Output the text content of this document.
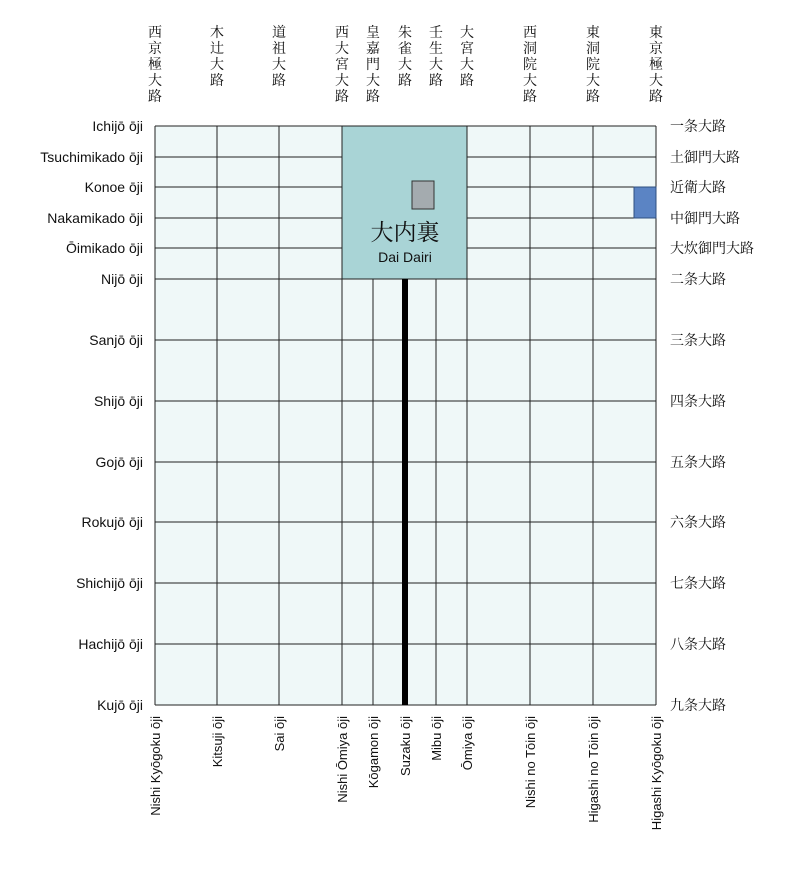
大内裏
Dai Dairi
Ichijō ōji
Tsuchimikado ōji
Konoe ōji
Nakamikado ōji
Ōimikado ōji
Nijō ōji
Sanjō ōji
Shijō ōji
Gojō ōji
Rokujō ōji
Shichijō ōji
Hachijō ōji
Kujō ōji
一条大路
土御門大路
近衛大路
中御門大路
大炊御門大路
二条大路
三条大路
四条大路
五条大路
六条大路
七条大路
八条大路
九条大路
西
京
極
大
路
木
辻
大
路
道
祖
大
路
西
大
宮
大
路
皇
嘉
門
大
路
朱
雀
大
路
壬
生
大
路
大
宮
大
路
西
洞
院
大
路
東
洞
院
大
路
東
京
極
大
路
Nishi Kyōgoku ōji	Kitsuji ōji	Sai ōji	Nishi Ōmiya ōji Kōgamon ōji Suzaku ōji Mibu ōji Ōmiya ōji	Nishi no Tōin ōji	Higashi no Tōin ōji	Higashi Kyōgoku ōji
